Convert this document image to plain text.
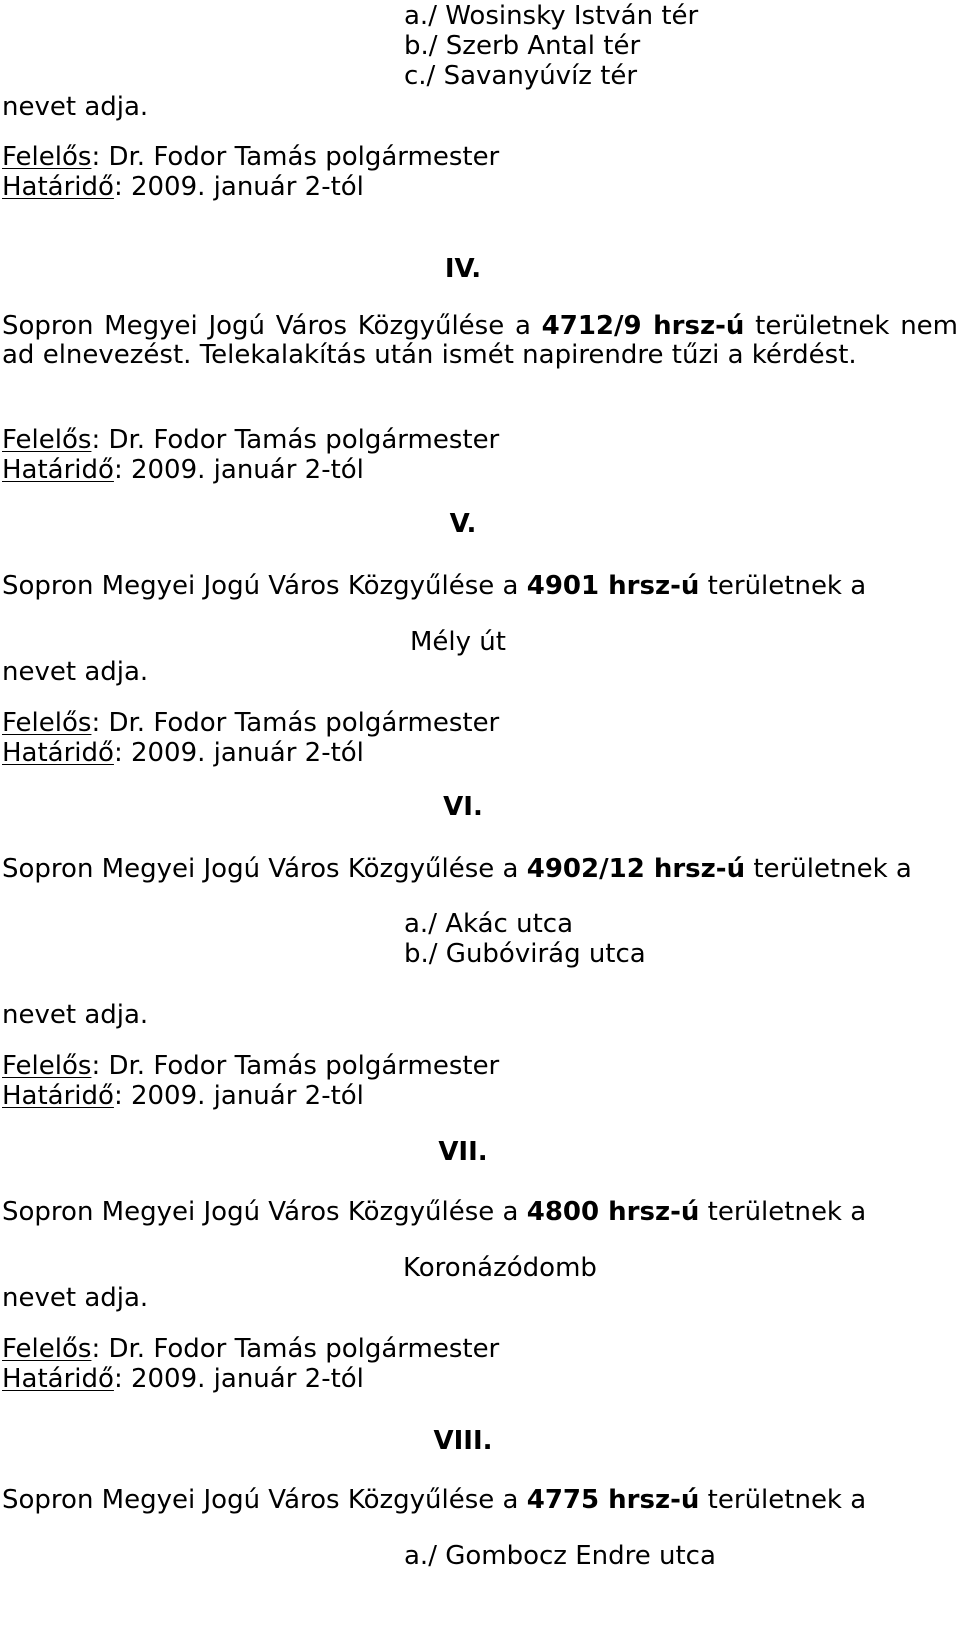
a./ Wosinsky István tér
b./ Szerb Antal tér
c./ Savanyúvíz tér
nevet adja.
Felelős: Dr. Fodor Tamás polgármester
Határidő: 2009. január 2-tól
IV.
Sopron Megyei Jogú Város Közgyűlése a 4712/9 hrsz-ú területnek nem ad elnevezést. Telekalakítás után ismét napirendre tűzi a kérdést.
Felelős: Dr. Fodor Tamás polgármester
Határidő: 2009. január 2-tól
V.
Sopron Megyei Jogú Város Közgyűlése a 4901 hrsz-ú területnek a
Mély út
nevet adja.
Felelős: Dr. Fodor Tamás polgármester
Határidő: 2009. január 2-tól
VI.
Sopron Megyei Jogú Város Közgyűlése a 4902/12 hrsz-ú területnek a
a./ Akác utca
b./ Gubóvirág utca
nevet adja.
Felelős: Dr. Fodor Tamás polgármester
Határidő: 2009. január 2-tól
VII.
Sopron Megyei Jogú Város Közgyűlése a 4800 hrsz-ú területnek a
Koronázódomb
nevet adja.
Felelős: Dr. Fodor Tamás polgármester
Határidő: 2009. január 2-tól
VIII.
Sopron Megyei Jogú Város Közgyűlése a 4775 hrsz-ú területnek a
a./ Gombocz Endre utca
